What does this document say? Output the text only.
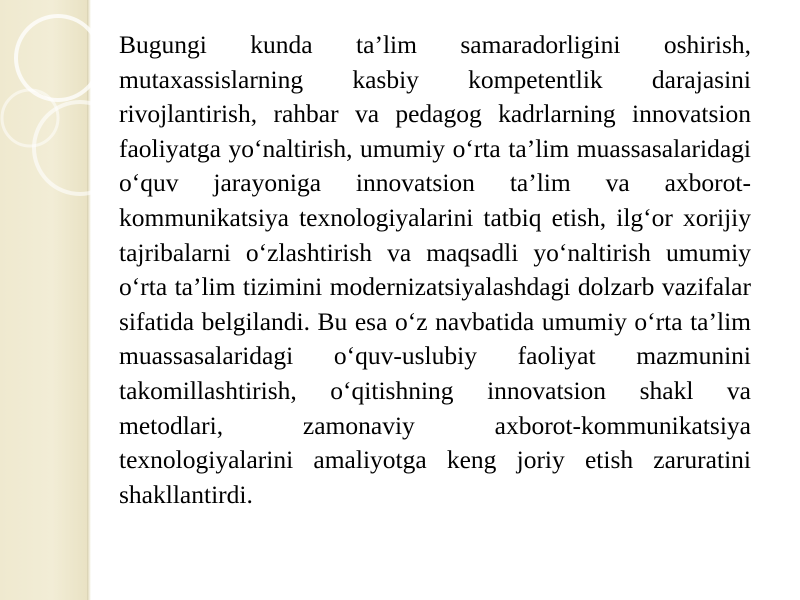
Bugungi kunda ta’lim samaradorligini oshirish, mutaxassislarning kasbiy kompetentlik darajasini rivojlantirish, rahbar va pedagog kadrlarning innovatsion faoliyatga yo‘naltirish, umumiy o‘rta ta’lim muassasalaridagi o‘quv jarayoniga innovatsion ta’lim va axborot-kommunikatsiya texnologiyalarini tatbiq etish, ilg‘or xorijiy tajribalarni o‘zlashtirish va maqsadli yo‘naltirish umumiy o‘rta ta’lim tizimini modernizatsiyalashdagi dolzarb vazifalar sifatida belgilandi. Bu esa o‘z navbatida umumiy o‘rta ta’lim muassasalaridagi o‘quv-uslubiy faoliyat mazmunini takomillashtirish, o‘qitishning innovatsion shakl va metodlari, zamonaviy axborot-kommunikatsiya texnologiyalarini amaliyotga keng joriy etish zaruratini shakllantirdi.
